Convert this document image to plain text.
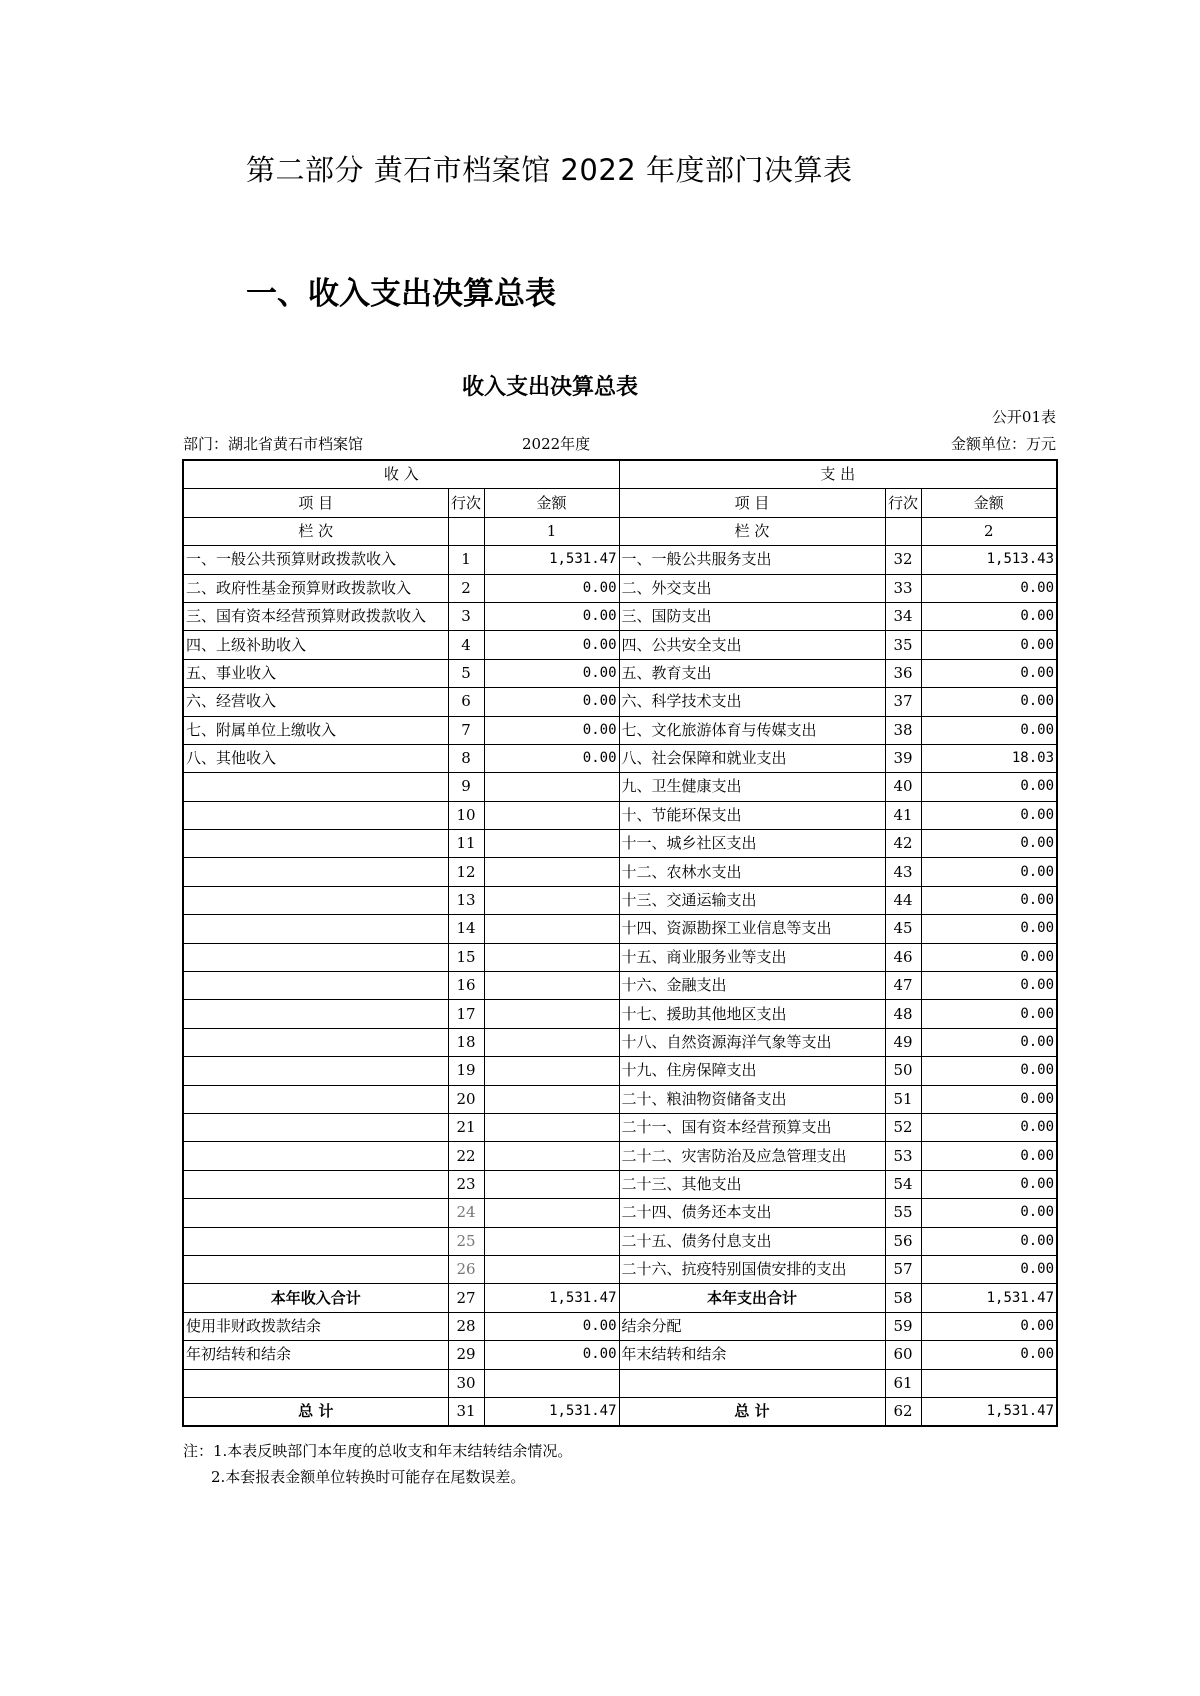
第二部分 黄石市档案馆 2022 年度部门决算表
一、收入支出决算总表
收入支出决算总表
公开01表
部门：湖北省黄石市档案馆	2022年度	金额单位：万元
收 入			支 出		
项 目	行次	金额	项 目	行次	金额
栏 次		1	栏 次		2
一、一般公共预算财政拨款收入	1	1,531.47	一、一般公共服务支出	32	1,513.43
二、政府性基金预算财政拨款收入	2	0.00	二、外交支出	33	0.00
三、国有资本经营预算财政拨款收入	3	0.00	三、国防支出	34	0.00
四、上级补助收入	4	0.00	四、公共安全支出	35	0.00
五、事业收入	5	0.00	五、教育支出	36	0.00
六、经营收入	6	0.00	六、科学技术支出	37	0.00
七、附属单位上缴收入	7	0.00	七、文化旅游体育与传媒支出	38	0.00
八、其他收入	8	0.00	八、社会保障和就业支出	39	18.03
	9		九、卫生健康支出	40	0.00
	10		十、节能环保支出	41	0.00
	11		十一、城乡社区支出	42	0.00
	12		十二、农林水支出	43	0.00
	13		十三、交通运输支出	44	0.00
	14		十四、资源勘探工业信息等支出	45	0.00
	15		十五、商业服务业等支出	46	0.00
	16		十六、金融支出	47	0.00
	17		十七、援助其他地区支出	48	0.00
	18		十八、自然资源海洋气象等支出	49	0.00
	19		十九、住房保障支出	50	0.00
	20		二十、粮油物资储备支出	51	0.00
	21		二十一、国有资本经营预算支出	52	0.00
	22		二十二、灾害防治及应急管理支出	53	0.00
	23		二十三、其他支出	54	0.00
	24		二十四、债务还本支出	55	0.00
	25		二十五、债务付息支出	56	0.00
	26		二十六、抗疫特别国债安排的支出	57	0.00
本年收入合计	27	1,531.47	本年支出合计	58	1,531.47
使用非财政拨款结余	28	0.00	结余分配	59	0.00
年初结转和结余	29	0.00	年末结转和结余	60	0.00
	30			61	
总 计	31	1,531.47	总 计	62	1,531.47
注：1.本表反映部门本年度的总收支和年末结转结余情况。
2.本套报表金额单位转换时可能存在尾数误差。
